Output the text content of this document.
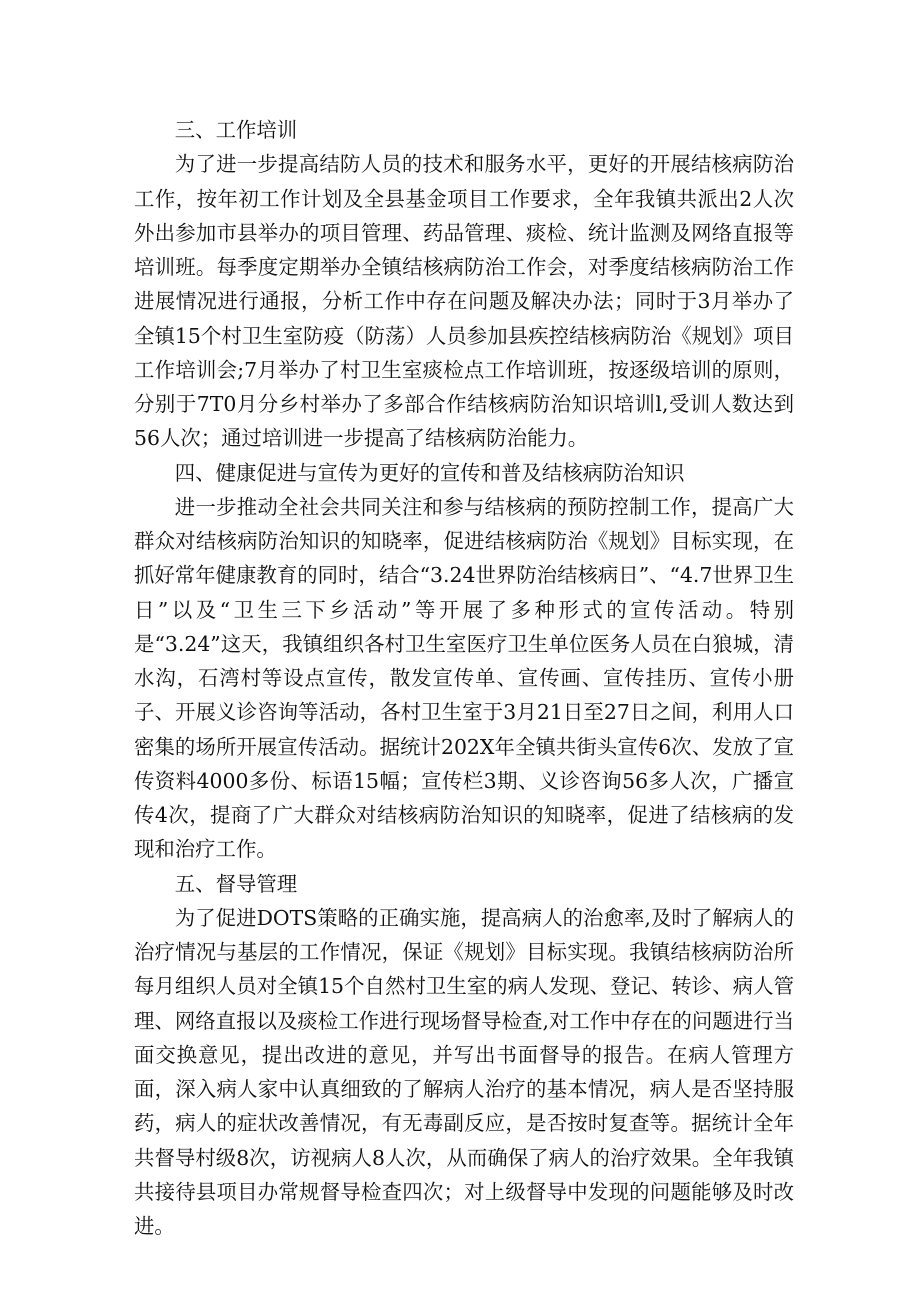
三、工作培训

为了进一步提高结防人员的技术和服务水平，更好的开展结核病防治工作，按年初工作计划及全县基金项目工作要求，全年我镇共派出2人次外出参加市县举办的项目管理、药品管理、痰检、统计监测及网络直报等培训班。每季度定期举办全镇结核病防治工作会，对季度结核病防治工作进展情况进行通报，分析工作中存在问题及解决办法；同时于3月举办了全镇15个村卫生室防疫（防荡）人员参加县疾控结核病防治《规划》项目工作培训会;7月举办了村卫生室痰检点工作培训班，按逐级培训的原则，分别于7T0月分乡村举办了多部合作结核病防治知识培训l,受训人数达到56人次；通过培训进一步提高了结核病防治能力。

四、健康促进与宣传为更好的宣传和普及结核病防治知识

进一步推动全社会共同关注和参与结核病的预防控制工作，提高广大群众对结核病防治知识的知晓率，促进结核病防治《规划》目标实现，在抓好常年健康教育的同时，结合“3.24世界防治结核病日”、“4.7世界卫生日”以及“卫生三下乡活动”等开展了多种形式的宣传活动。特别是“3.24”这天，我镇组织各村卫生室医疗卫生单位医务人员在白狼城，清水沟，石湾村等设点宣传，散发宣传单、宣传画、宣传挂历、宣传小册子、开展义诊咨询等活动，各村卫生室于3月21日至27日之间，利用人口密集的场所开展宣传活动。据统计202X年全镇共街头宣传6次、发放了宣传资料4000多份、标语15幅；宣传栏3期、义诊咨询56多人次，广播宣传4次，提商了广大群众对结核病防治知识的知晓率，促进了结核病的发现和治疗工作。

五、督导管理

为了促进DOTS策略的正确实施，提高病人的治愈率,及时了解病人的治疗情况与基层的工作情况，保证《规划》目标实现。我镇结核病防治所每月组织人员对全镇15个自然村卫生室的病人发现、登记、转诊、病人管理、网络直报以及痰检工作进行现场督导检查,对工作中存在的问题进行当面交换意见，提出改进的意见，并写出书面督导的报告。在病人管理方面，深入病人家中认真细致的了解病人治疗的基本情况，病人是否坚持服药，病人的症状改善情况，有无毒副反应，是否按时复查等。据统计全年共督导村级8次，访视病人8人次，从而确保了病人的治疗效果。全年我镇共接待县项目办常规督导检查四次；对上级督导中发现的问题能够及时改进。
